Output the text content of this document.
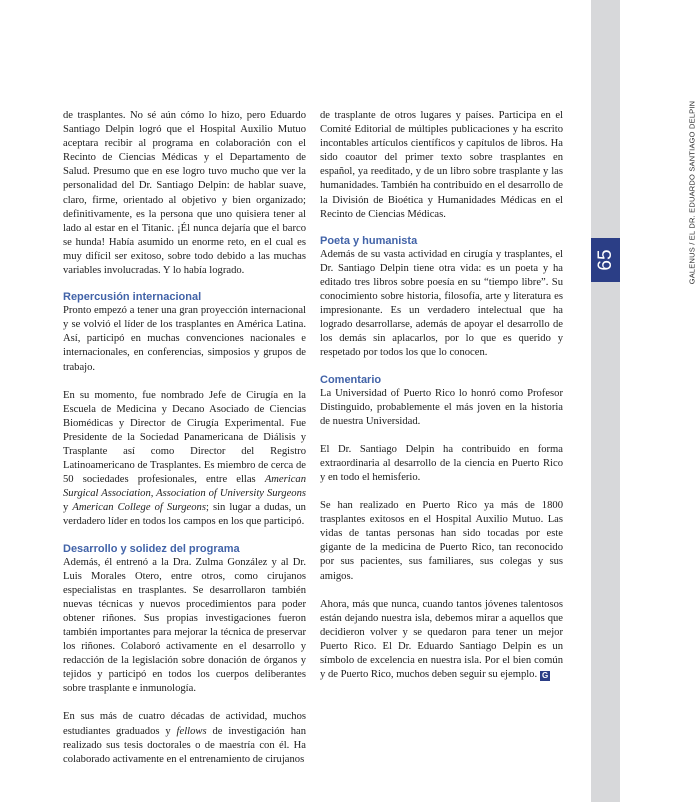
GALENUS / EL DR. EDUARDO SANTIAGO DELPIN
65

de trasplantes. No sé aún cómo lo hizo, pero Eduardo Santiago Delpin logró que el Hospital Auxilio Mutuo aceptara recibir al programa en colaboración con el Recinto de Ciencias Médicas y el Departamento de Salud. Presumo que en ese logro tuvo mucho que ver la personalidad del Dr. Santiago Delpin: de hablar suave, claro, firme, orientado al objetivo y bien organizado; definitivamente, es la persona que uno quisiera tener al lado al estar en el Titanic. ¡Él nunca dejaría que el barco se hunda! Había asumido un enorme reto, en el cual es muy difícil ser exitoso, sobre todo debido a las muchas variables involucradas. Y lo había logrado.

Repercusión internacional

Pronto empezó a tener una gran proyección internacional y se volvió el líder de los trasplantes en América Latina. Así, participó en muchas convenciones nacionales e internacionales, en conferencias, simposios y grupos de trabajo.

En su momento, fue nombrado Jefe de Cirugía en la Escuela de Medicina y Decano Asociado de Ciencias Biomédicas y Director de Cirugía Experimental. Fue Presidente de la Sociedad Panamericana de Diálisis y Trasplante así como Director del Registro Latinoamericano de Trasplantes. Es miembro de cerca de 50 sociedades profesionales, entre ellas American Surgical Association, Association of University Surgeons y American College of Surgeons; sin lugar a dudas, un verdadero líder en todos los campos en los que participó.

Desarrollo y solidez del programa

Además, él entrenó a la Dra. Zulma González y al Dr. Luis Morales Otero, entre otros, como cirujanos especialistas en trasplantes. Se desarrollaron también nuevas técnicas y nuevos procedimientos para poder obtener riñones. Sus propias investigaciones fueron también importantes para mejorar la técnica de preservar los riñones. Colaboró activamente en el desarrollo y redacción de la legislación sobre donación de órganos y tejidos y participó en todos los cuerpos deliberantes sobre trasplante e inmunología.

En sus más de cuatro décadas de actividad, muchos estudiantes graduados y fellows de investigación han realizado sus tesis doctorales o de maestría con él. Ha colaborado activamente en el entrenamiento de cirujanos

de trasplante de otros lugares y países. Participa en el Comité Editorial de múltiples publicaciones y ha escrito incontables artículos científicos y capítulos de libros. Ha sido coautor del primer texto sobre trasplantes en español, ya reeditado, y de un libro sobre trasplante y las humanidades. También ha contribuido en el desarrollo de la División de Bioética y Humanidades Médicas en el Recinto de Ciencias Médicas.

Poeta y humanista

Además de su vasta actividad en cirugía y trasplantes, el Dr. Santiago Delpin tiene otra vida: es un poeta y ha editado tres libros sobre poesía en su “tiempo libre”. Su conocimiento sobre historia, filosofía, arte y literatura es impresionante. Es un verdadero intelectual que ha logrado desarrollarse, además de apoyar el desarrollo de los demás sin aplacarlos, por lo que es querido y respetado por todos los que lo conocen.

Comentario

La Universidad of Puerto Rico lo honró como Profesor Distinguido, probablemente el más joven en la historia de nuestra Universidad.

El Dr. Santiago Delpin ha contribuido en forma extraordinaria al desarrollo de la ciencia en Puerto Rico y en todo el hemisferio.

Se han realizado en Puerto Rico ya más de 1800 trasplantes exitosos en el Hospital Auxilio Mutuo. Las vidas de tantas personas han sido tocadas por este gigante de la medicina de Puerto Rico, tan reconocido por sus pacientes, sus familiares, sus colegas y sus amigos.

Ahora, más que nunca, cuando tantos jóvenes talentosos están dejando nuestra isla, debemos mirar a aquellos que decidieron volver y se quedaron para tener un mejor Puerto Rico. El Dr. Eduardo Santiago Delpin es un símbolo de excelencia en nuestra isla. Por el bien común y de Puerto Rico, muchos deben seguir su ejemplo. G
